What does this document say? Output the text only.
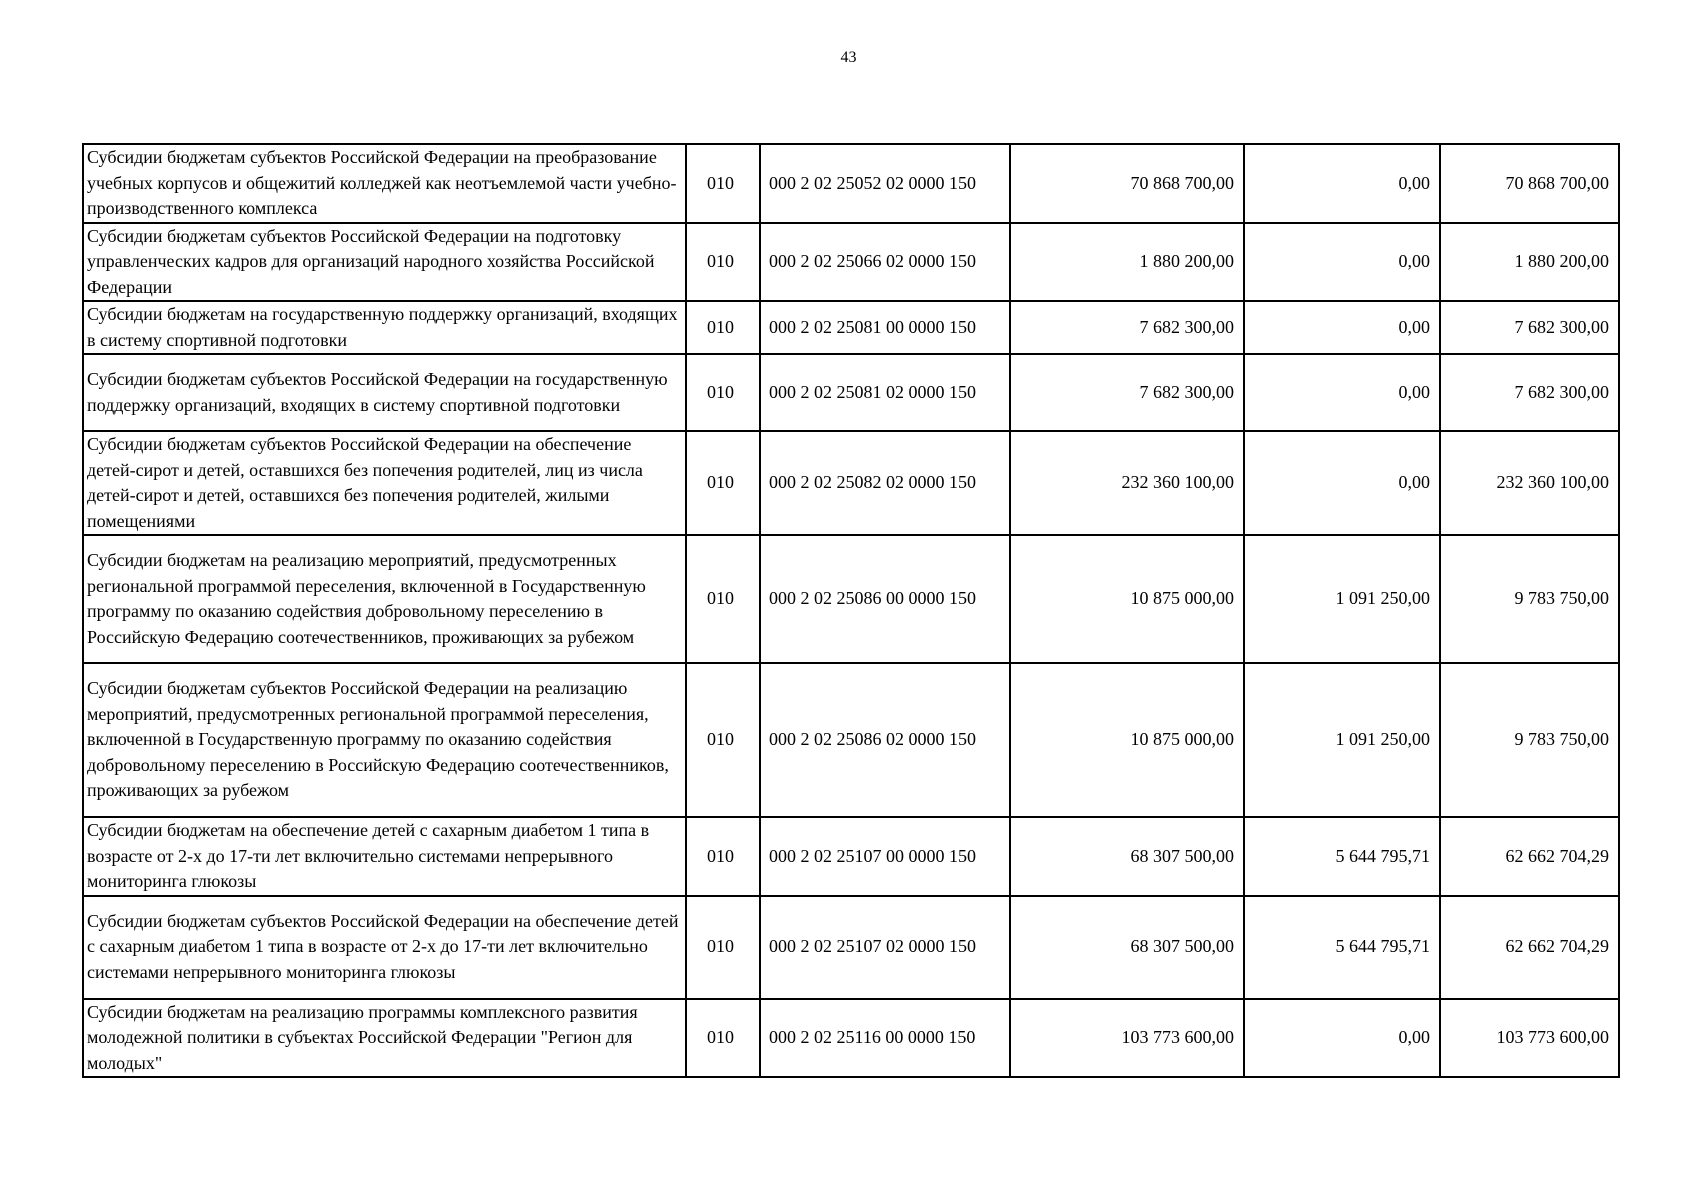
43
Субсидии бюджетам субъектов Российской Федерации на преобразование учебных корпусов и общежитий колледжей как неотъемлемой части учебно-производственного комплекса	010	000 2 02 25052 02 0000 150	70 868 700,00	0,00	70 868 700,00
Субсидии бюджетам субъектов Российской Федерации на подготовку управленческих кадров для организаций народного хозяйства Российской Федерации	010	000 2 02 25066 02 0000 150	1 880 200,00	0,00	1 880 200,00
Субсидии бюджетам на государственную поддержку организаций, входящих в систему спортивной подготовки	010	000 2 02 25081 00 0000 150	7 682 300,00	0,00	7 682 300,00
Субсидии бюджетам субъектов Российской Федерации на государственную поддержку организаций, входящих в систему спортивной подготовки	010	000 2 02 25081 02 0000 150	7 682 300,00	0,00	7 682 300,00
Субсидии бюджетам субъектов Российской Федерации на обеспечение детей-сирот и детей, оставшихся без попечения родителей, лиц из числа детей-сирот и детей, оставшихся без попечения родителей, жилыми помещениями	010	000 2 02 25082 02 0000 150	232 360 100,00	0,00	232 360 100,00
Субсидии бюджетам на реализацию мероприятий, предусмотренных региональной программой переселения, включенной в Государственную программу по оказанию содействия добровольному переселению в Российскую Федерацию соотечественников, проживающих за рубежом	010	000 2 02 25086 00 0000 150	10 875 000,00	1 091 250,00	9 783 750,00
Субсидии бюджетам субъектов Российской Федерации на реализацию мероприятий, предусмотренных региональной программой переселения, включенной в Государственную программу по оказанию содействия добровольному переселению в Российскую Федерацию соотечественников, проживающих за рубежом	010	000 2 02 25086 02 0000 150	10 875 000,00	1 091 250,00	9 783 750,00
Субсидии бюджетам на обеспечение детей с сахарным диабетом 1 типа в возрасте от 2-х до 17-ти лет включительно системами непрерывного мониторинга глюкозы	010	000 2 02 25107 00 0000 150	68 307 500,00	5 644 795,71	62 662 704,29
Субсидии бюджетам субъектов Российской Федерации на обеспечение детей с сахарным диабетом 1 типа в возрасте от 2-х до 17-ти лет включительно системами непрерывного мониторинга глюкозы	010	000 2 02 25107 02 0000 150	68 307 500,00	5 644 795,71	62 662 704,29
Субсидии бюджетам на реализацию программы комплексного развития молодежной политики в субъектах Российской Федерации "Регион для молодых"	010	000 2 02 25116 00 0000 150	103 773 600,00	0,00	103 773 600,00
